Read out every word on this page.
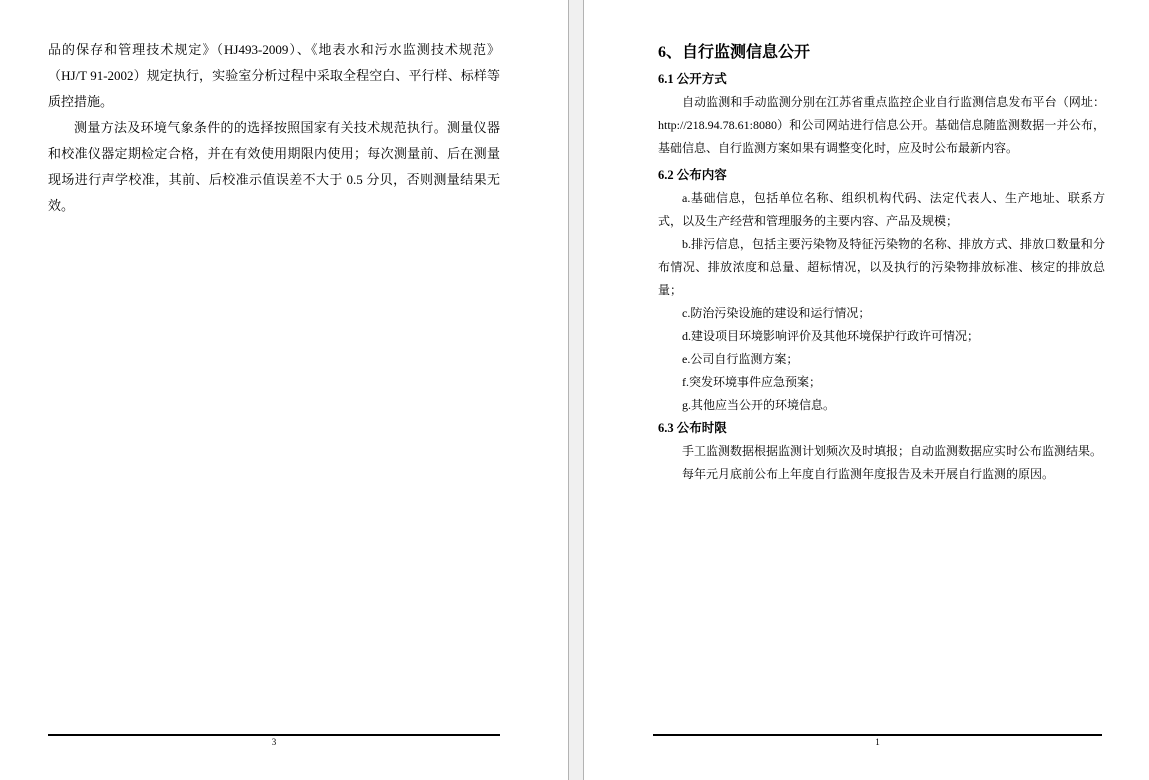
品的保存和管理技术规定》（HJ493-2009）、《地表水和污水监测技术规范》（HJ/T 91-2002）规定执行，实验室分析过程中采取全程空白、平行样、标样等质控措施。

测量方法及环境气象条件的的选择按照国家有关技术规范执行。测量仪器和校准仪器定期检定合格，并在有效使用期限内使用；每次测量前、后在测量现场进行声学校准，其前、后校准示值误差不大于 0.5 分贝，否则测量结果无效。

3
6、自行监测信息公开
6.1 公开方式

自动监测和手动监测分别在江苏省重点监控企业自行监测信息发布平台（网址：http://218.94.78.61:8080）和公司网站进行信息公开。基础信息随监测数据一并公布，基础信息、自行监测方案如果有调整变化时，应及时公布最新内容。

6.2 公布内容

a.基础信息，包括单位名称、组织机构代码、法定代表人、生产地址、联系方式，以及生产经营和管理服务的主要内容、产品及规模；

b.排污信息，包括主要污染物及特征污染物的名称、排放方式、排放口数量和分布情况、排放浓度和总量、超标情况，以及执行的污染物排放标准、核定的排放总量；

c.防治污染设施的建设和运行情况；

d.建设项目环境影响评价及其他环境保护行政许可情况；

e.公司自行监测方案；

f.突发环境事件应急预案；

g.其他应当公开的环境信息。

6.3 公布时限

手工监测数据根据监测计划频次及时填报；自动监测数据应实时公布监测结果。

每年元月底前公布上年度自行监测年度报告及未开展自行监测的原因。

1
